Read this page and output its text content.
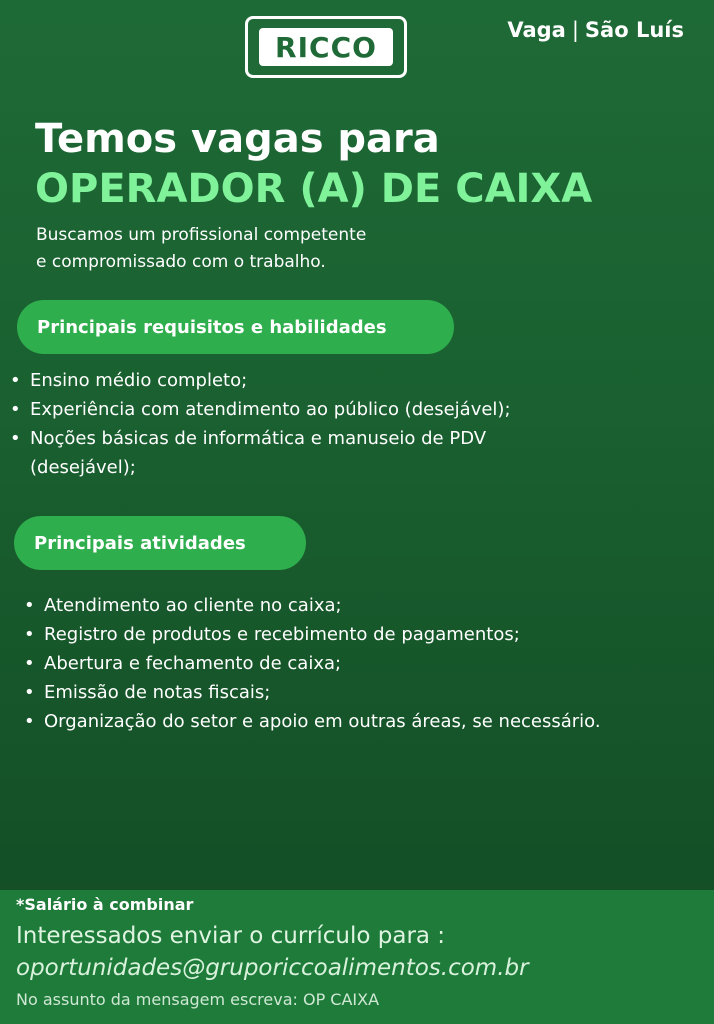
RICCO
Vaga | São Luís
Temos vagas para
OPERADOR (A) DE CAIXA
Buscamos um profissional competente
e compromissado com o trabalho.
Principais requisitos e habilidades
• Ensino médio completo;
• Experiência com atendimento ao público (desejável);
• Noções básicas de informática e manuseio de PDV (desejável);
Principais atividades
• Atendimento ao cliente no caixa;
• Registro de produtos e recebimento de pagamentos;
• Abertura e fechamento de caixa;
• Emissão de notas fiscais;
• Organização do setor e apoio em outras áreas, se necessário.
*Salário à combinar
Interessados enviar o currículo para :
oportunidades@gruporiccoalimentos.com.br
No assunto da mensagem escreva: OP CAIXA
